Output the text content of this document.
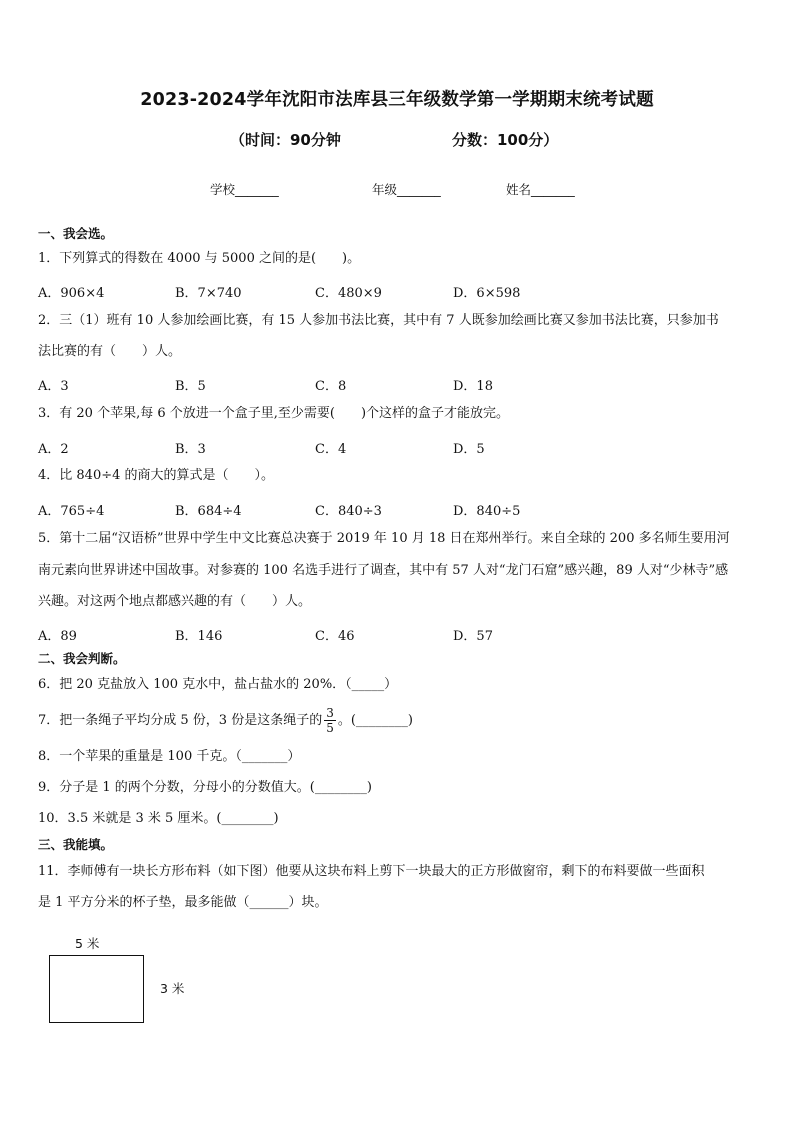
2023-2024学年沈阳市法库县三年级数学第一学期期末统考试题
（时间：90分钟	分数：100分）
学校_______	年级_______	姓名_______
一、我会选。
1．下列算式的得数在 4000 与 5000 之间的是(　　)。
A．906×4	B．7×740	C．480×9	D．6×598
2．三（1）班有 10 人参加绘画比赛，有 15 人参加书法比赛，其中有 7 人既参加绘画比赛又参加书法比赛，只参加书
法比赛的有（　　）人。
A．3	B．5	C．8	D．18
3．有 20 个苹果,每 6 个放进一个盒子里,至少需要(　　)个这样的盒子才能放完。
A．2	B．3	C．4	D．5
4．比 840÷4 的商大的算式是（　　）。
A．765÷4	B．684÷4	C．840÷3	D．840÷5
5．第十二届“汉语桥”世界中学生中文比赛总决赛于 2019 年 10 月 18 日在郑州举行。来自全球的 200 多名师生要用河
南元素向世界讲述中国故事。对参赛的 100 名选手进行了调查，其中有 57 人对“龙门石窟”感兴趣，89 人对“少林寺”感
兴趣。对这两个地点都感兴趣的有（　　）人。
A．89	B．146	C．46	D．57
二、我会判断。
6．把 20 克盐放入 100 克水中，盐占盐水的 20%．（_____）
7．把一条绳子平均分成 5 份，3 份是这条绳子的 $\frac{3}{5}$ 。(________)
8．一个苹果的重量是 100 千克。（_______）
9．分子是 1 的两个分数，分母小的分数值大。(________)
10．3.5 米就是 3 米 5 厘米。(________)
三、我能填。
11．李师傅有一块长方形布料（如下图）他要从这块布料上剪下一块最大的正方形做窗帘，剩下的布料要做一些面积
是 1 平方分米的杯子垫，最多能做（______）块。
5 米
3 米
